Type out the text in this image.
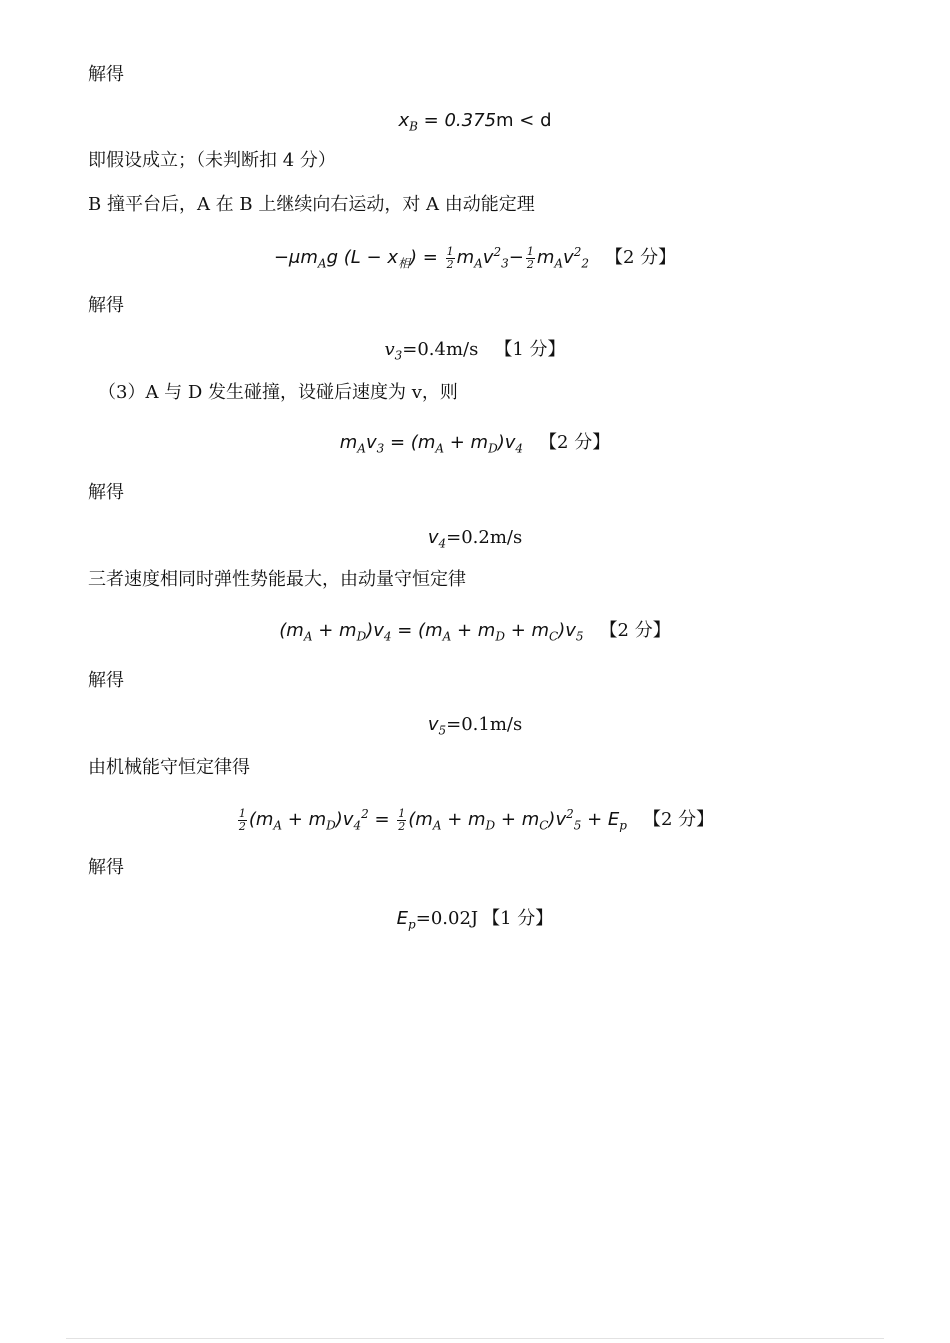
解得
$x_B = 0.375m < d$
即假设成立；（未判断扣 4 分）
B 撞平台后，A 在 B 上继续向右运动，对 A 由动能定理
$-\mu m_Ag$ $(L - x_相) = \frac{1}{2} m_Av^2_3- \frac{1}{2} m_Av^2_2$ 【2 分】
解得
$v_3=0.4m/s$ 【1 分】
（3）A 与 D 发生碰撞，设碰后速度为 v，则
$m_Av_3 = (m_A + m_D)v_4$ 【2 分】
解得
$v_4=0.2m/s$
三者速度相同时弹性势能最大，由动量守恒定律
$(m_A + m_D)v_4 = (m_A + m_D + m_C)v_5$ 【2 分】
解得
$v_5=0.1m/s$
由机械能守恒定律得
$\frac{1}{2} (m_A + m_D)v_4^2 = \frac{1}{2} (m_A + m_D + m_C)v^2_5 + E_p$ 【2 分】
解得
$E_p=0.02J$ 【1 分】
